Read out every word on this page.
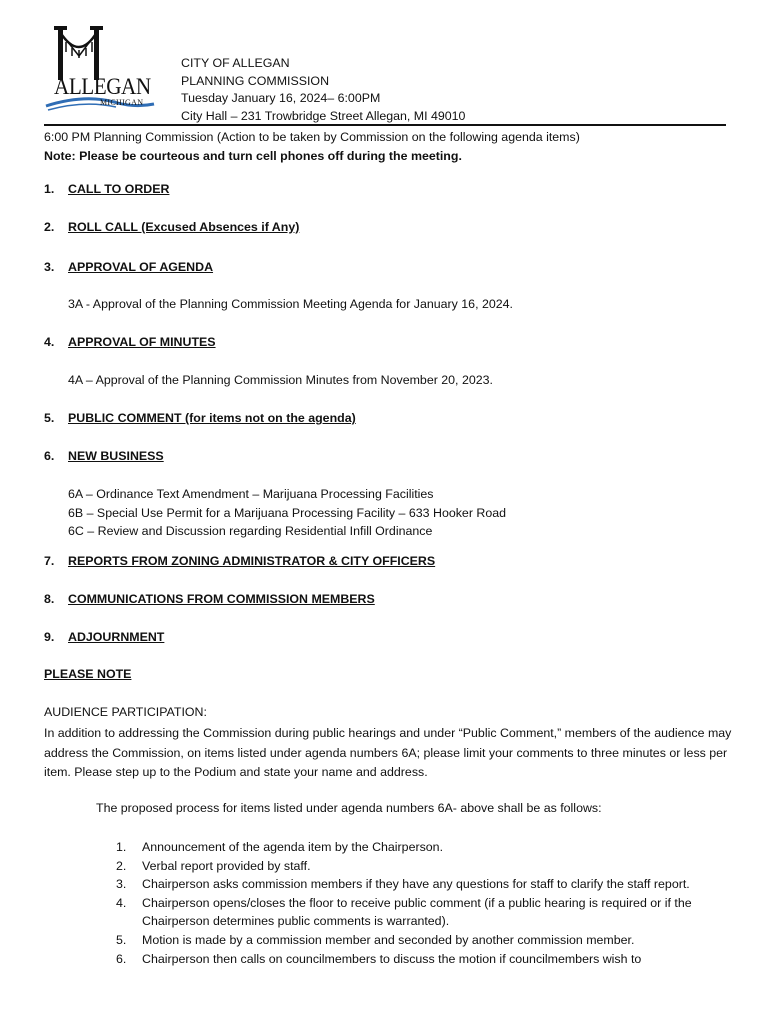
ALLEGAN
MICHIGAN
CITY OF ALLEGAN
PLANNING COMMISSION
Tuesday January 16, 2024– 6:00PM
City Hall – 231 Trowbridge Street Allegan, MI 49010
6:00 PM Planning Commission (Action to be taken by Commission on the following agenda items)
Note: Please be courteous and turn cell phones off during the meeting.
1. CALL TO ORDER
2. ROLL CALL (Excused Absences if Any)
3. APPROVAL OF AGENDA
3A - Approval of the Planning Commission Meeting Agenda for January 16, 2024.
4. APPROVAL OF MINUTES
4A – Approval of the Planning Commission Minutes from November 20, 2023.
5. PUBLIC COMMENT (for items not on the agenda)
6. NEW BUSINESS
6A – Ordinance Text Amendment – Marijuana Processing Facilities
6B – Special Use Permit for a Marijuana Processing Facility – 633 Hooker Road
6C – Review and Discussion regarding Residential Infill Ordinance
7. REPORTS FROM ZONING ADMINISTRATOR & CITY OFFICERS
8. COMMUNICATIONS FROM COMMISSION MEMBERS
9. ADJOURNMENT
PLEASE NOTE
AUDIENCE PARTICIPATION:
In addition to addressing the Commission during public hearings and under “Public Comment,” members of the audience may address the Commission, on items listed under agenda numbers 6A; please limit your comments to three minutes or less per item. Please step up to the Podium and state your name and address.
The proposed process for items listed under agenda numbers 6A- above shall be as follows:
1. Announcement of the agenda item by the Chairperson.
2. Verbal report provided by staff.
3. Chairperson asks commission members if they have any questions for staff to clarify the staff report.
4. Chairperson opens/closes the floor to receive public comment (if a public hearing is required or if the Chairperson determines public comments is warranted).
5. Motion is made by a commission member and seconded by another commission member.
6. Chairperson then calls on councilmembers to discuss the motion if councilmembers wish to
